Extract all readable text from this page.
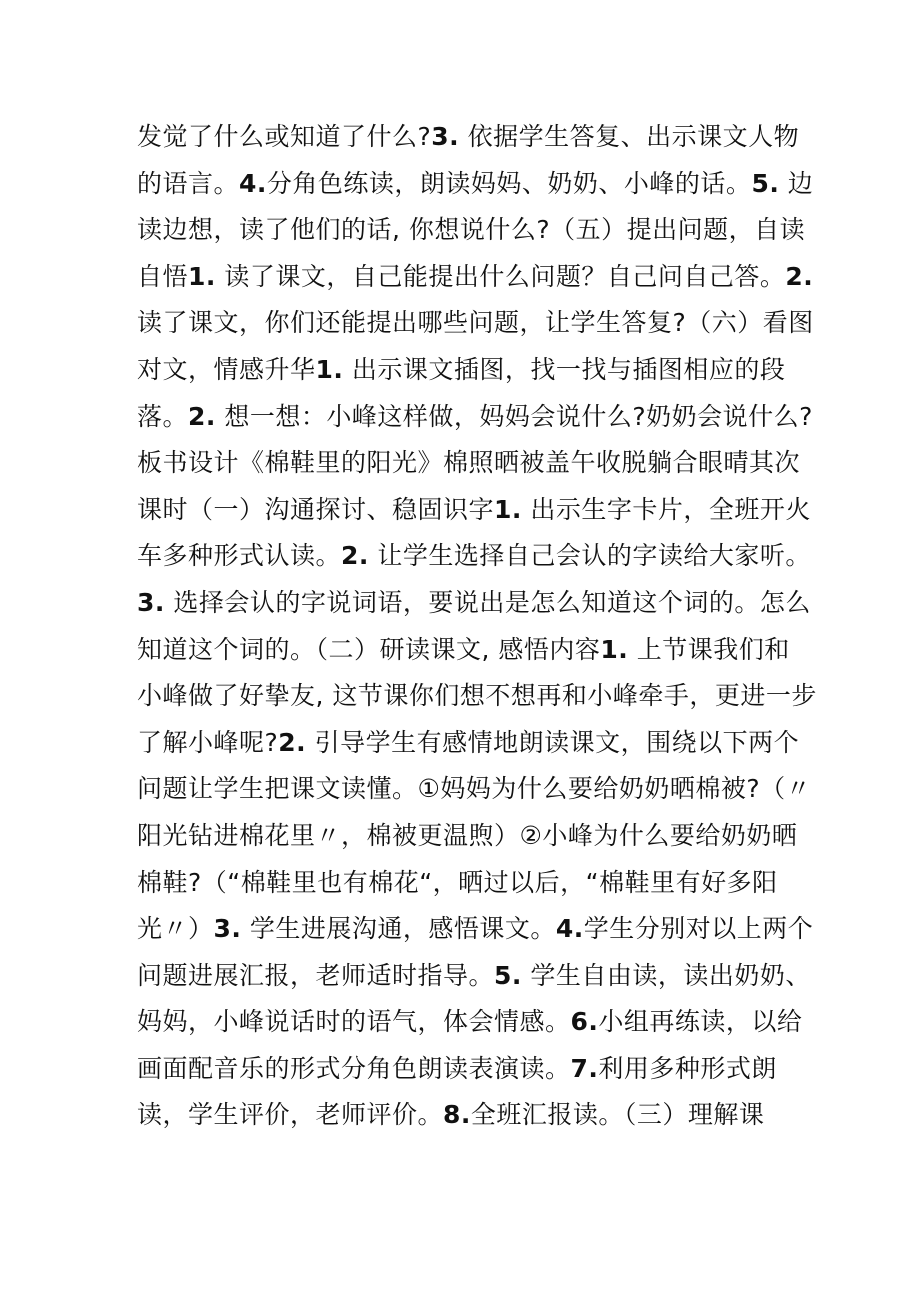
发觉了什么或知道了什么?3. 依据学生答复、出示课文人物
的语言。4.分角色练读，朗读妈妈、奶奶、小峰的话。5. 边
读边想，读了他们的话, 你想说什么?（五）提出问题，自读
自悟1. 读了课文，自己能提出什么问题？自己问自己答。2.
读了课文，你们还能提出哪些问题，让学生答复?（六）看图
对文，情感升华1. 出示课文插图，找一找与插图相应的段
落。2. 想一想：小峰这样做，妈妈会说什么?奶奶会说什么?
板书设计《棉鞋里的阳光》棉照晒被盖午收脱躺合眼晴其次
课时（一）沟通探讨、稳固识字1. 出示生字卡片，全班开火
车多种形式认读。2. 让学生选择自己会认的字读给大家听。
3. 选择会认的字说词语，要说出是怎么知道这个词的。怎么
知道这个词的。（二）研读课文, 感悟内容1. 上节课我们和
小峰做了好挚友, 这节课你们想不想再和小峰牵手，更进一步
了解小峰呢?2. 引导学生有感情地朗读课文，围绕以下两个
问题让学生把课文读懂。①妈妈为什么要给奶奶晒棉被?（〃
阳光钻进棉花里〃，棉被更温煦）②小峰为什么要给奶奶晒
棉鞋?（“棉鞋里也有棉花“，晒过以后，“棉鞋里有好多阳
光〃）3. 学生进展沟通，感悟课文。4.学生分别对以上两个
问题进展汇报，老师适时指导。5. 学生自由读，读出奶奶、
妈妈，小峰说话时的语气，体会情感。6.小组再练读，以给
画面配音乐的形式分角色朗读表演读。7.利用多种形式朗
读，学生评价，老师评价。8.全班汇报读。（三）理解课
